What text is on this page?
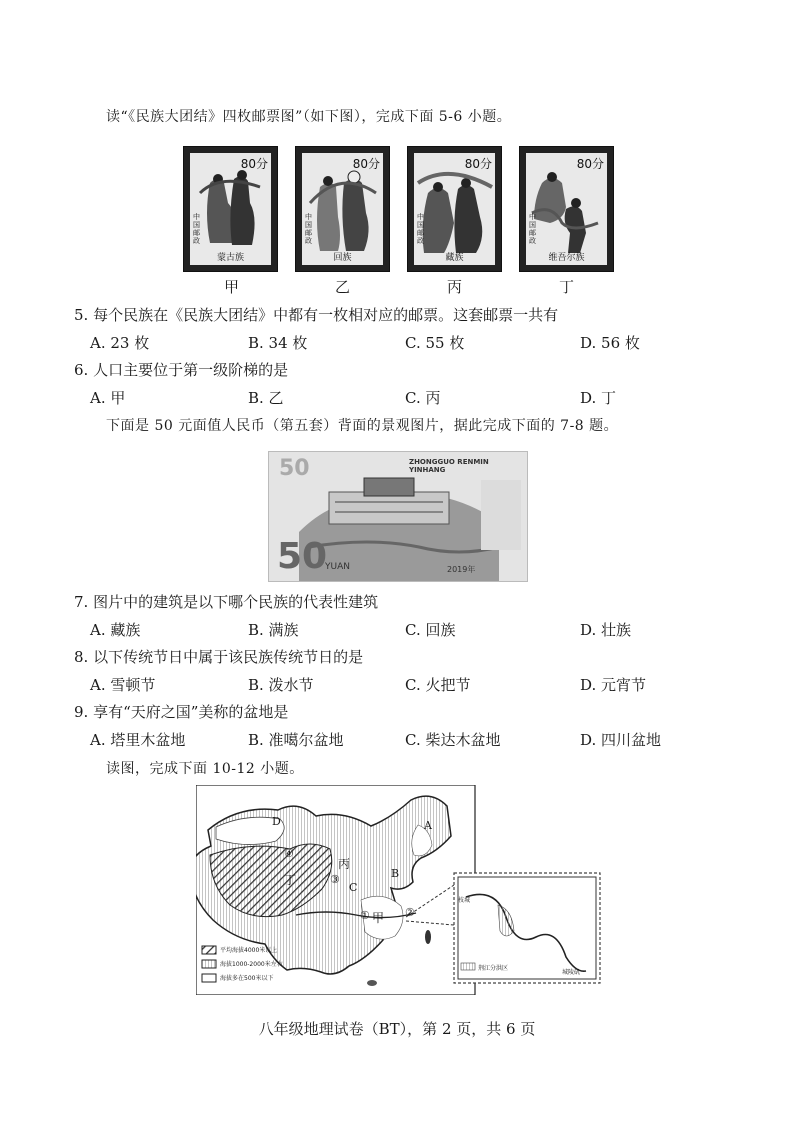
读“《民族大团结》四枚邮票图”（如下图），完成下面 5-6 小题。
80分
中国邮政
蒙古族
80分
中国邮政
回族
80分
中国邮政
藏族
80分
中国邮政
维吾尔族
甲	乙	丙	丁
5. 每个民族在《民族大团结》中都有一枚相对应的邮票。这套邮票一共有
A. 23 枚	B. 34 枚	C. 55 枚	D. 56 枚
6. 人口主要位于第一级阶梯的是
A. 甲	B. 乙	C. 丙	D. 丁
下面是 50 元面值人民币（第五套）背面的景观图片，据此完成下面的 7-8 题。
ZHONGGUO RENMIN YINHANG
50
50
YUAN	2019年
7. 图片中的建筑是以下哪个民族的代表性建筑
A. 藏族	B. 满族	C. 回族	D. 壮族
8. 以下传统节日中属于该民族传统节日的是
A. 雪顿节	B. 泼水节	C. 火把节	D. 元宵节
9. 享有“天府之国”美称的盆地是
A. 塔里木盆地	B. 准噶尔盆地	C. 柴达木盆地	D. 四川盆地
读图，完成下面 10-12 小题。
D	A
B
C
丙
丁
甲
①	②
③
④
平均海拔4000米以上
海拔1000-2000米左右
海拔多在500米以下
枝城
城陵矶
荆江分洪区
八年级地理试卷（BT），第 2 页，共 6 页
